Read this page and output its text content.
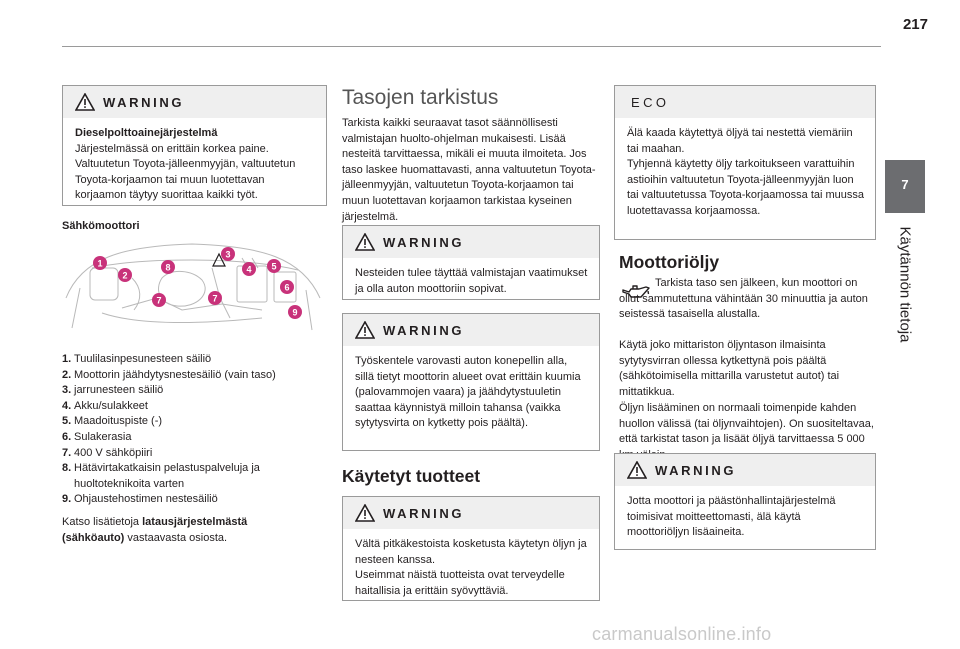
217
7
Käytännön tietoja
WARNING

Dieselpolttoainejärjestelmä

Järjestelmässä on erittäin korkea paine. Valtuutetun Toyota-jälleenmyyjän, valtuutetun Toyota-korjaamon tai muun luotettavan korjaamon täytyy suorittaa kaikki työt.

Sähkömoottori
1
2
3
4 5
6
7	7
8
9
1. Tuulilasinpesunesteen säiliö
2. Moottorin jäähdytysnestesäiliö (vain taso)
3. jarrunesteen säiliö
4. Akku/sulakkeet
5. Maadoituspiste (-)
6. Sulakerasia
7. 400 V sähköpiiri
8. Hätävirtakatkaisin pelastuspalveluja ja
huoltoteknikoita varten
9. Ohjaustehostimen nestesäiliö
Katso lisätietoja latausjärjestelmästä
(sähköauto) vastaavasta osiosta.
Tasojen tarkistus
Tarkista kaikki seuraavat tasot säännöllisesti valmistajan huolto-ohjelman mukaisesti. Lisää nesteitä tarvittaessa, mikäli ei muuta ilmoiteta. Jos taso laskee huomattavasti, anna valtuutetun Toyota-jälleenmyyjän, valtuutetun Toyota-korjaamon tai muun luotettavan korjaamon tarkistaa kyseinen järjestelmä.
WARNING

Nesteiden tulee täyttää valmistajan vaatimukset ja olla auton moottoriin sopivat.

WARNING

Työskentele varovasti auton konepellin alla, sillä tietyt moottorin alueet ovat erittäin kuumia (palovammojen vaara) ja jäähdytystuuletin saattaa käynnistyä milloin tahansa (vaikka sytytysvirta on kytketty pois päältä).

Käytetyt tuotteet
WARNING

Vältä pitkäkestoista kosketusta käytetyn öljyn ja nesteen kanssa.

Useimmat näistä tuotteista ovat terveydelle haitallisia ja erittäin syövyttäviä.

ECO

Älä kaada käytettyä öljyä tai nestettä viemäriin tai maahan.

Tyhjennä käytetty öljy tarkoitukseen varattuihin astioihin valtuutetun Toyota-jälleenmyyjän luon tai valtuutetussa Toyota-korjaamossa tai muussa luotettavassa korjaamossa.

Moottoriöljy
Tarkista taso sen jälkeen, kun moottori on ollut sammutettuna vähintään 30 minuuttia ja auton seistessä tasaisella alustalla.
Käytä joko mittariston öljyntason ilmaisinta sytytysvirran ollessa kytkettynä pois päältä (sähkötoimisella mittarilla varustetut autot) tai mittatikkua.
Öljyn lisääminen on normaali toimenpide kahden huollon välissä (tai öljynvaihtojen). On suositeltavaa, että tarkistat tason ja lisäät öljyä tarvittaessa 5 000
WARNING

Jotta moottori ja päästönhallintajärjestelmä toimisivat moitteettomasti, älä käytä moottoriöljyn lisäaineita.

carmanualsonline.info
